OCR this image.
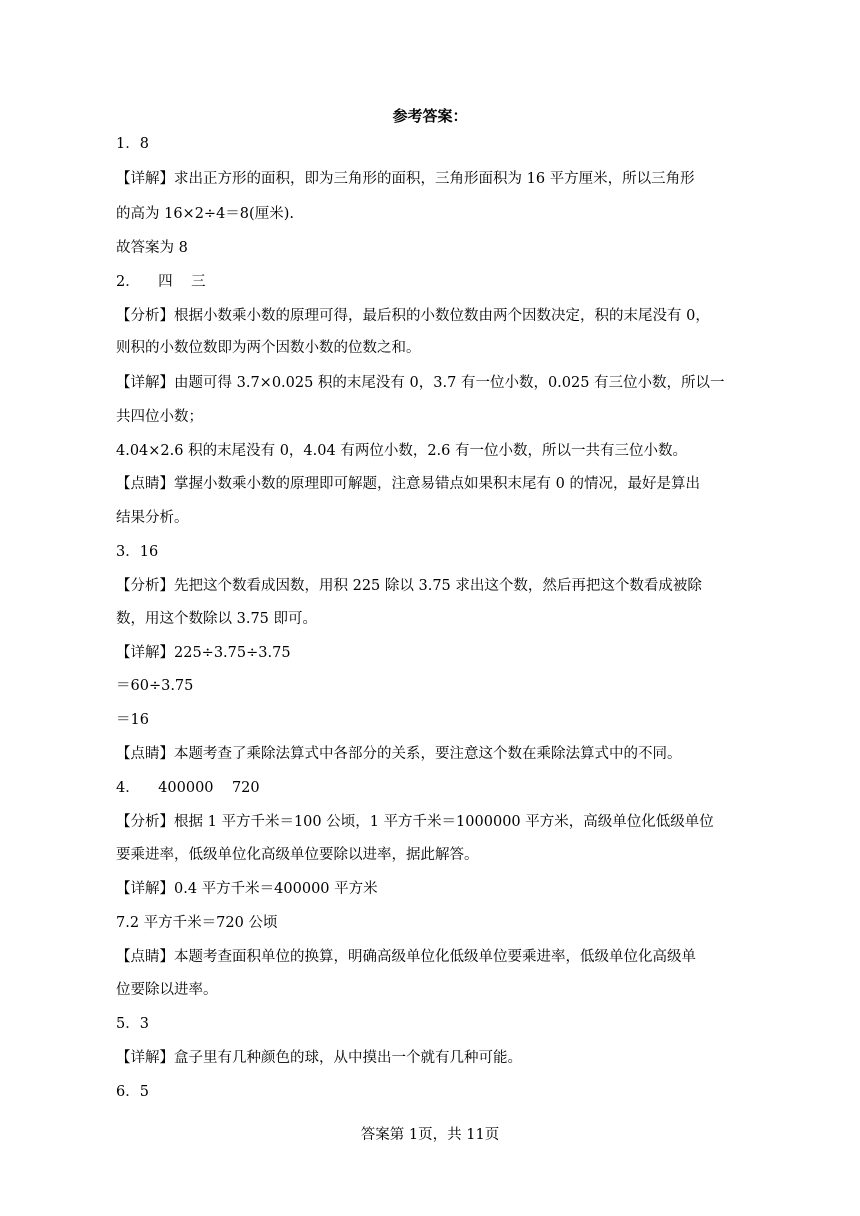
参考答案：
1．8
【详解】求出正方形的面积，即为三角形的面积，三角形面积为 16 平方厘米，所以三角形
的高为 16×2÷4＝8(厘米).
故答案为 8
2．    四    三
【分析】根据小数乘小数的原理可得，最后积的小数位数由两个因数决定，积的末尾没有 0，
则积的小数位数即为两个因数小数的位数之和。
【详解】由题可得 3.7×0.025 积的末尾没有 0，3.7 有一位小数，0.025 有三位小数，所以一
共四位小数；
4.04×2.6 积的末尾没有 0，4.04 有两位小数，2.6 有一位小数，所以一共有三位小数。
【点睛】掌握小数乘小数的原理即可解题，注意易错点如果积末尾有 0 的情况，最好是算出
结果分析。
3．16
【分析】先把这个数看成因数，用积 225 除以 3.75 求出这个数，然后再把这个数看成被除
数，用这个数除以 3.75 即可。
【详解】225÷3.75÷3.75
＝60÷3.75
＝16
【点睛】本题考查了乘除法算式中各部分的关系，要注意这个数在乘除法算式中的不同。
4．    400000    720
【分析】根据 1 平方千米＝100 公顷，1 平方千米＝1000000 平方米，高级单位化低级单位
要乘进率，低级单位化高级单位要除以进率，据此解答。
【详解】0.4 平方千米＝400000 平方米
7.2 平方千米＝720 公顷
【点睛】本题考查面积单位的换算，明确高级单位化低级单位要乘进率，低级单位化高级单
位要除以进率。
5．3
【详解】盒子里有几种颜色的球，从中摸出一个就有几种可能。
6．5
答案第 1页，共 11页
